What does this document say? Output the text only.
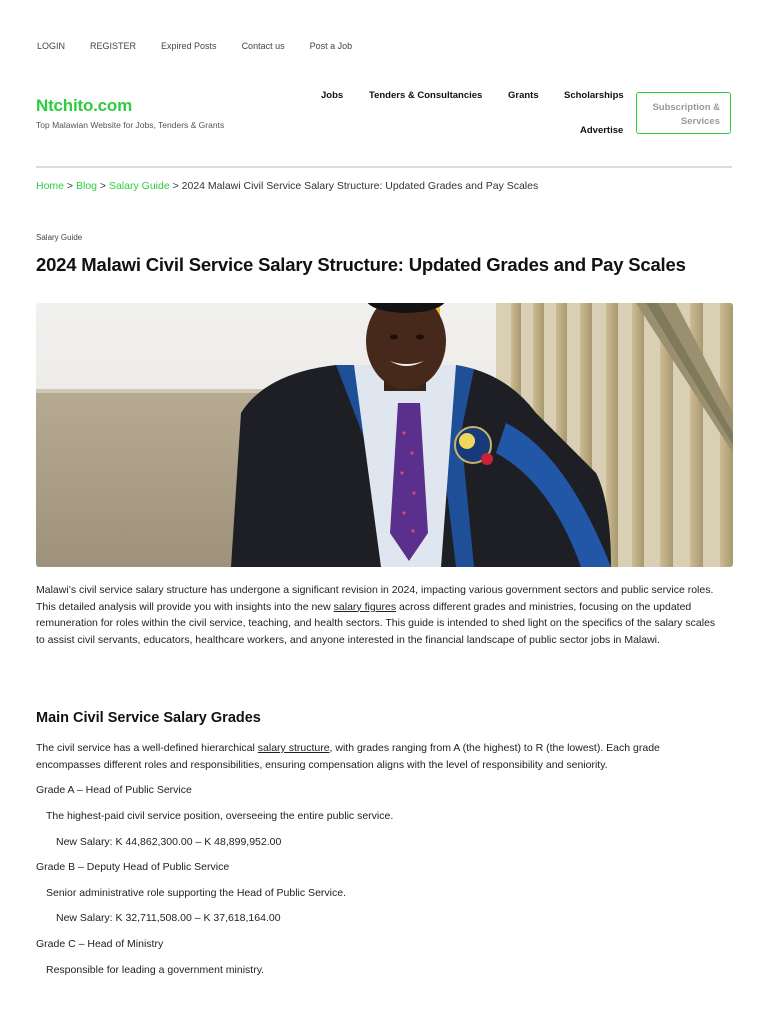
LOGIN	REGISTER	Expired Posts	Contact us	Post a Job
Ntchito.com
Top Malawian Website for Jobs, Tenders & Grants
Jobs	Tenders & Consultancies	Grants	Scholarships
Advertise
Subscription &
Services
Home > Blog > Salary Guide > 2024 Malawi Civil Service Salary Structure: Updated Grades and Pay Scales
Salary Guide
2024 Malawi Civil Service Salary Structure: Updated Grades and Pay Scales

Malawi’s civil service salary structure has undergone a significant revision in 2024, impacting various government sectors and public service roles. This detailed analysis will provide you with insights into the new salary figures across different grades and ministries, focusing on the updated remuneration for roles within the civil service, teaching, and health sectors. This guide is intended to shed light on the specifics of the salary scales to assist civil servants, educators, healthcare workers, and anyone interested in the financial landscape of public sector jobs in Malawi.

Main Civil Service Salary Grades

The civil service has a well-defined hierarchical salary structure, with grades ranging from A (the highest) to R (the lowest). Each grade encompasses different roles and responsibilities, ensuring compensation aligns with the level of responsibility and seniority.

Grade A – Head of Public Service
The highest-paid civil service position, overseeing the entire public service.
New Salary: K 44,862,300.00 – K 48,899,952.00
Grade B – Deputy Head of Public Service
Senior administrative role supporting the Head of Public Service.
New Salary: K 32,711,508.00 – K 37,618,164.00
Grade C – Head of Ministry
Responsible for leading a government ministry.
